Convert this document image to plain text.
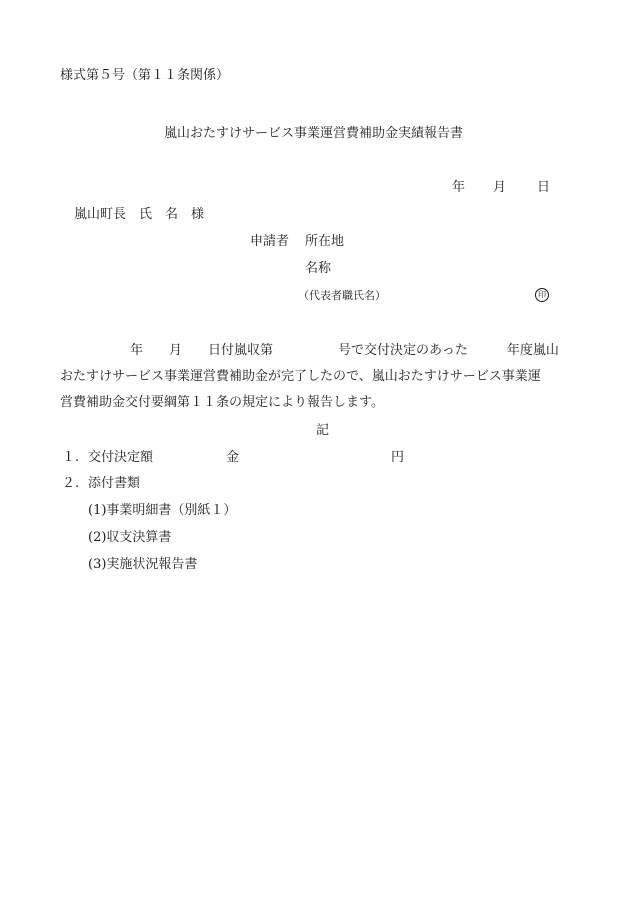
様式第５号（第１１条関係）
嵐山おたすけサービス事業運営費補助金実績報告書
年 月 日
嵐山町長　氏　名　様
申請者 所在地
名称
（代表者職氏名）	印
年　　月　　日付嵐収第　　　　　号で交付決定のあった　　　年度嵐山
おたすけサービス事業運営費補助金が完了したので、嵐山おたすけサービス事業運
営費補助金交付要綱第１１条の規定により報告します。
記
１. 交付決定額	金	円
２. 添付書類
(1)事業明細書（別紙１）
(2)収支決算書
(3)実施状況報告書
